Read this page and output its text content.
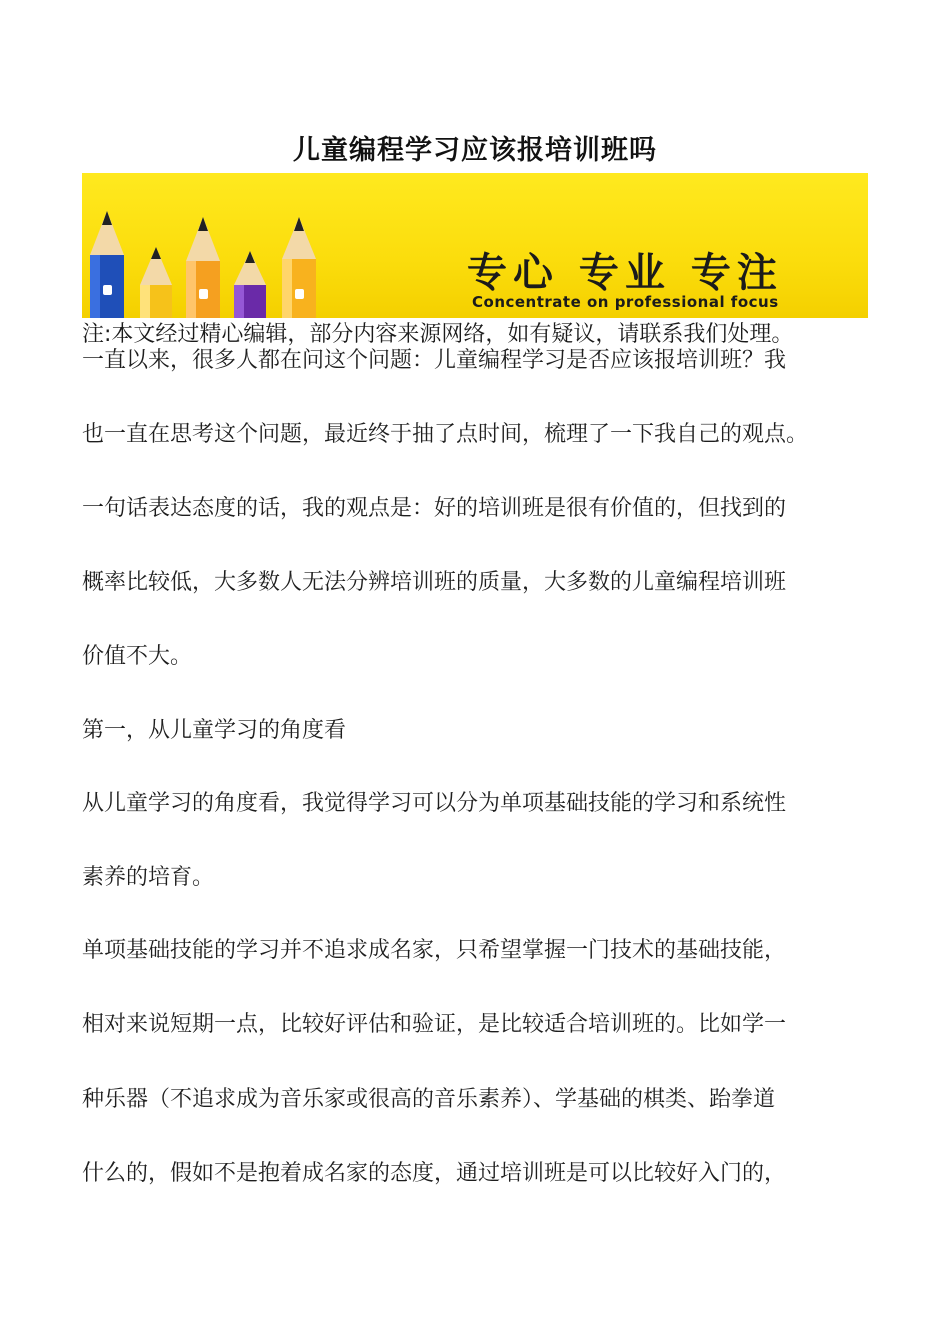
儿童编程学习应该报培训班吗

专心 专业 专注

Concentrate on professional focus

注:本文经过精心编辑，部分内容来源网络，如有疑议，请联系我们处理。

一直以来，很多人都在问这个问题：儿童编程学习是否应该报培训班？我

也一直在思考这个问题，最近终于抽了点时间，梳理了一下我自己的观点。

一句话表达态度的话，我的观点是：好的培训班是很有价值的，但找到的

概率比较低，大多数人无法分辨培训班的质量，大多数的儿童编程培训班

价值不大。

第一，从儿童学习的角度看

从儿童学习的角度看，我觉得学习可以分为单项基础技能的学习和系统性

素养的培育。

单项基础技能的学习并不追求成名家，只希望掌握一门技术的基础技能，

相对来说短期一点，比较好评估和验证，是比较适合培训班的。比如学一

种乐器（不追求成为音乐家或很高的音乐素养）、学基础的棋类、跆拳道

什么的，假如不是抱着成名家的态度，通过培训班是可以比较好入门的，
